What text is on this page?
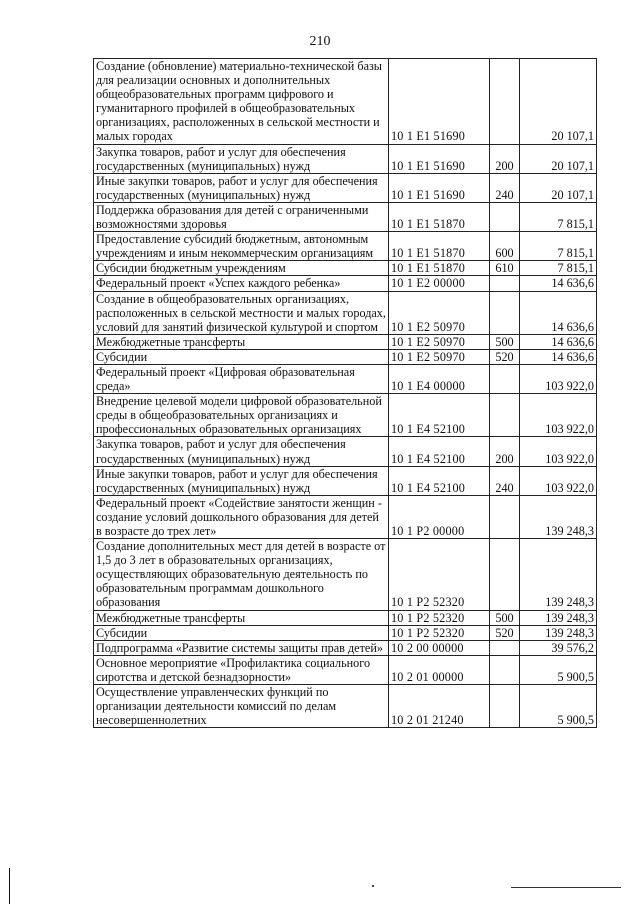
210
Создание (обновление) материально-технической базы для реализации основных и дополнительных общеобразовательных программ цифрового и гуманитарного профилей в общеобразовательных организациях, расположенных в сельской местности и малых городах	10 1 E1 51690		20 107,1
Закупка товаров, работ и услуг для обеспечения государственных (муниципальных) нужд	10 1 E1 51690	200	20 107,1
Иные закупки товаров, работ и услуг для обеспечения государственных (муниципальных) нужд	10 1 E1 51690	240	20 107,1
Поддержка образования для детей с ограниченными возможностями здоровья	10 1 E1 51870		7 815,1
Предоставление субсидий бюджетным, автономным учреждениям и иным некоммерческим организациям	10 1 E1 51870	600	7 815,1
Субсидии бюджетным учреждениям	10 1 E1 51870	610	7 815,1
Федеральный проект «Успех каждого ребенка»	10 1 E2 00000		14 636,6
Создание в общеобразовательных организациях, расположенных в сельской местности и малых городах, условий для занятий физической культурой и спортом	10 1 E2 50970		14 636,6
Межбюджетные трансферты	10 1 E2 50970	500	14 636,6
Субсидии	10 1 E2 50970	520	14 636,6
Федеральный проект «Цифровая образовательная среда»	10 1 E4 00000		103 922,0
Внедрение целевой модели цифровой образовательной среды в общеобразовательных организациях и профессиональных образовательных организациях	10 1 E4 52100		103 922,0
Закупка товаров, работ и услуг для обеспечения государственных (муниципальных) нужд	10 1 E4 52100	200	103 922,0
Иные закупки товаров, работ и услуг для обеспечения государственных (муниципальных) нужд	10 1 E4 52100	240	103 922,0
Федеральный проект «Содействие занятости женщин - создание условий дошкольного образования для детей в возрасте до трех лет»	10 1 P2 00000		139 248,3
Создание дополнительных мест для детей в возрасте от 1,5 до 3 лет в образовательных организациях, осуществляющих образовательную деятельность по образовательным программам дошкольного образования	10 1 P2 52320		139 248,3
Межбюджетные трансферты	10 1 P2 52320	500	139 248,3
Субсидии	10 1 P2 52320	520	139 248,3
Подпрограмма «Развитие системы защиты прав детей»	10 2 00 00000		39 576,2
Основное мероприятие «Профилактика социального сиротства и детской безнадзорности»	10 2 01 00000		5 900,5
Осуществление управленческих функций по организации деятельности комиссий по делам несовершеннолетних	10 2 01 21240		5 900,5
